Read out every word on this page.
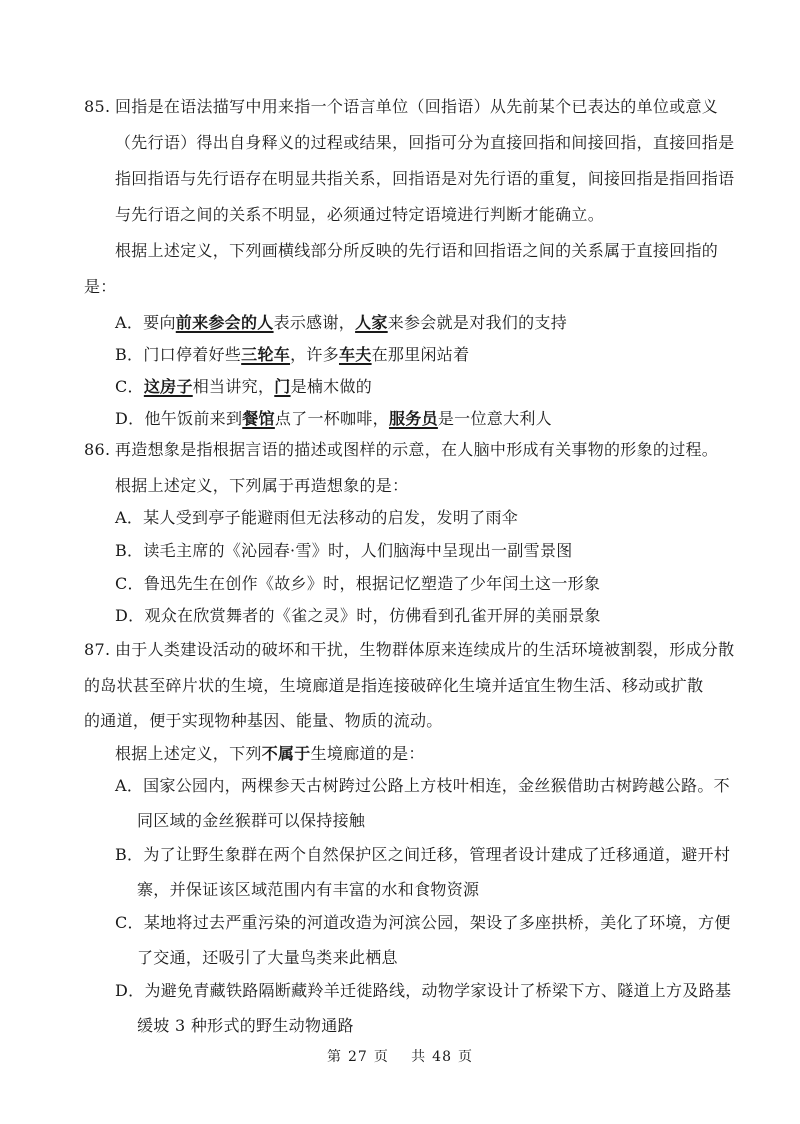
85. 回指是在语法描写中用来指一个语言单位（回指语）从先前某个已表达的单位或意义
（先行语）得出自身释义的过程或结果，回指可分为直接回指和间接回指，直接回指是
指回指语与先行语存在明显共指关系，回指语是对先行语的重复，间接回指是指回指语
与先行语之间的关系不明显，必须通过特定语境进行判断才能确立。
根据上述定义，下列画横线部分所反映的先行语和回指语之间的关系属于直接回指的
是：
A．要向前来参会的人表示感谢，人家来参会就是对我们的支持
B．门口停着好些三轮车，许多车夫在那里闲站着
C．这房子相当讲究，门是楠木做的
D．他午饭前来到餐馆点了一杯咖啡，服务员是一位意大利人
86. 再造想象是指根据言语的描述或图样的示意，在人脑中形成有关事物的形象的过程。
根据上述定义，下列属于再造想象的是：
A．某人受到亭子能避雨但无法移动的启发，发明了雨伞
B．读毛主席的《沁园春·雪》时，人们脑海中呈现出一副雪景图
C．鲁迅先生在创作《故乡》时，根据记忆塑造了少年闰土这一形象
D．观众在欣赏舞者的《雀之灵》时，仿佛看到孔雀开屏的美丽景象
87. 由于人类建设活动的破坏和干扰，生物群体原来连续成片的生活环境被割裂，形成分散
的岛状甚至碎片状的生境，生境廊道是指连接破碎化生境并适宜生物生活、移动或扩散
的通道，便于实现物种基因、能量、物质的流动。
根据上述定义，下列不属于生境廊道的是：
A．国家公园内，两棵参天古树跨过公路上方枝叶相连，金丝猴借助古树跨越公路。不
同区域的金丝猴群可以保持接触
B．为了让野生象群在两个自然保护区之间迁移，管理者设计建成了迁移通道，避开村
寨，并保证该区域范围内有丰富的水和食物资源
C．某地将过去严重污染的河道改造为河滨公园，架设了多座拱桥，美化了环境，方便
了交通，还吸引了大量鸟类来此栖息
D．为避免青藏铁路隔断藏羚羊迁徙路线，动物学家设计了桥梁下方、隧道上方及路基
缓坡 3 种形式的野生动物通路
第 27 页 共 48 页
